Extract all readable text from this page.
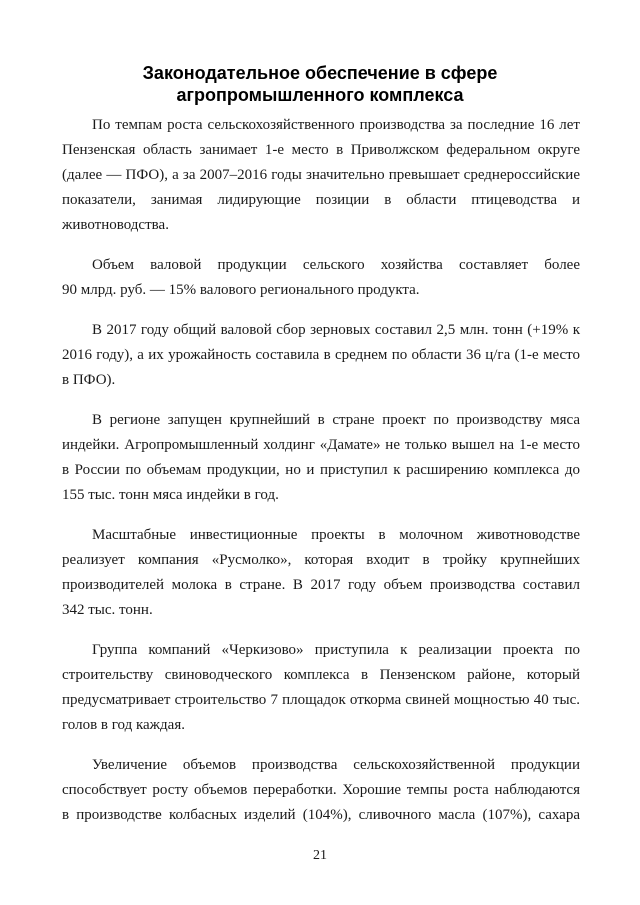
Законодательное обеспечение в сфере
агропромышленного комплекса
По темпам роста сельскохозяйственного производства за последние 16 лет
Пензенская область занимает 1-е место в Приволжском федеральном округе
(далее — ПФО), а за 2007–2016 годы значительно превышает среднероссийские
показатели, занимая лидирующие позиции в области птицеводства и
животноводства.
Объем валовой продукции сельского хозяйства составляет более
90 млрд. руб. — 15% валового регионального продукта.
В 2017 году общий валовой сбор зерновых составил 2,5 млн. тонн (+19% к
2016 году), а их урожайность составила в среднем по области 36 ц/га (1-е место
в ПФО).
В регионе запущен крупнейший в стране проект по производству мяса
индейки. Агропромышленный холдинг «Дамате» не только вышел на 1-е место
в России по объемам продукции, но и приступил к расширению комплекса до
155 тыс. тонн мяса индейки в год.
Масштабные инвестиционные проекты в молочном животноводстве
реализует компания «Русмолко», которая входит в тройку крупнейших
производителей молока в стране. В 2017 году объем производства составил
342 тыс. тонн.
Группа компаний «Черкизово» приступила к реализации проекта по
строительству свиноводческого комплекса в Пензенском районе, который
предусматривает строительство 7 площадок откорма свиней мощностью 40 тыс.
голов в год каждая.
Увеличение объемов производства сельскохозяйственной продукции
способствует росту объемов переработки. Хорошие темпы роста наблюдаются
в производстве колбасных изделий (104%), сливочного масла (107%), сахара
21
